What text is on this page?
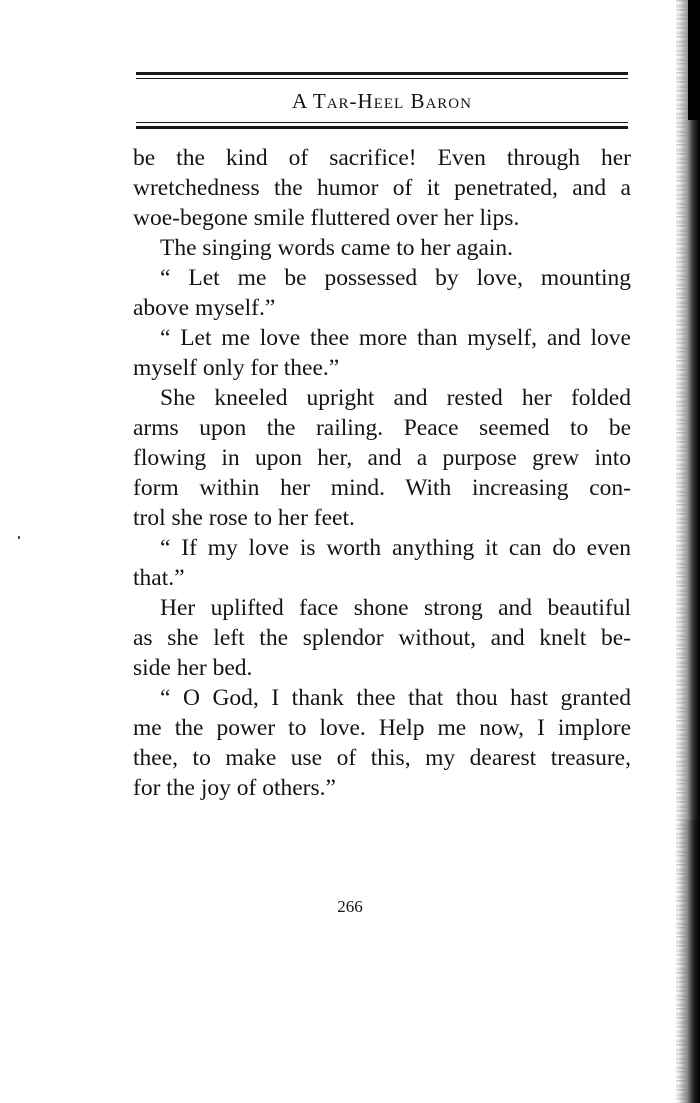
A Tar-Heel Baron
be the kind of sacrifice! Even through her
wretchedness the humor of it penetrated, and a
woe-begone smile fluttered over her lips.
The singing words came to her again.
“ Let me be possessed by love, mounting
above myself.”
“ Let me love thee more than myself, and love
myself only for thee.”
She kneeled upright and rested her folded
arms upon the railing. Peace seemed to be
flowing in upon her, and a purpose grew into
form within her mind. With increasing con-
trol she rose to her feet.
“ If my love is worth anything it can do even
that.”
Her uplifted face shone strong and beautiful
as she left the splendor without, and knelt be-
side her bed.
“ O God, I thank thee that thou hast granted
me the power to love. Help me now, I implore
thee, to make use of this, my dearest treasure,
for the joy of others.”
266
